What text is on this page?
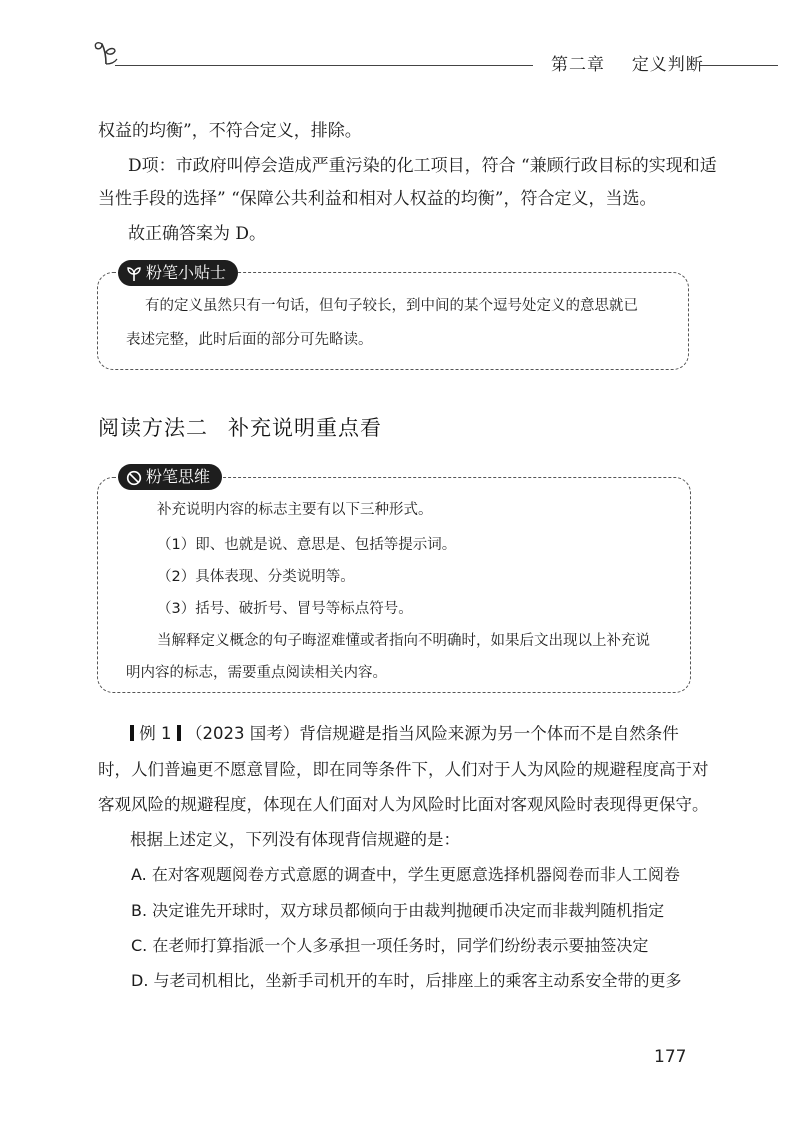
第二章 定义判断
权益的均衡”，不符合定义，排除。
D项：市政府叫停会造成严重污染的化工项目，符合 “兼顾行政目标的实现和适
当性手段的选择” “保障公共利益和相对人权益的均衡”，符合定义，当选。
故正确答案为 D。
粉笔小贴士
有的定义虽然只有一句话，但句子较长，到中间的某个逗号处定义的意思就已
表述完整，此时后面的部分可先略读。
阅读方法二 补充说明重点看
粉笔思维
补充说明内容的标志主要有以下三种形式。
（1）即、也就是说、意思是、包括等提示词。
（2）具体表现、分类说明等。
（3）括号、破折号、冒号等标点符号。
当解释定义概念的句子晦涩难懂或者指向不明确时，如果后文出现以上补充说
明内容的标志，需要重点阅读相关内容。
例 1 （2023 国考）背信规避是指当风险来源为另一个体而不是自然条件
时，人们普遍更不愿意冒险，即在同等条件下，人们对于人为风险的规避程度高于对
客观风险的规避程度，体现在人们面对人为风险时比面对客观风险时表现得更保守。
根据上述定义，下列没有体现背信规避的是：
A. 在对客观题阅卷方式意愿的调查中，学生更愿意选择机器阅卷而非人工阅卷
B. 决定谁先开球时，双方球员都倾向于由裁判抛硬币决定而非裁判随机指定
C. 在老师打算指派一个人多承担一项任务时，同学们纷纷表示要抽签决定
D. 与老司机相比，坐新手司机开的车时，后排座上的乘客主动系安全带的更多
177
